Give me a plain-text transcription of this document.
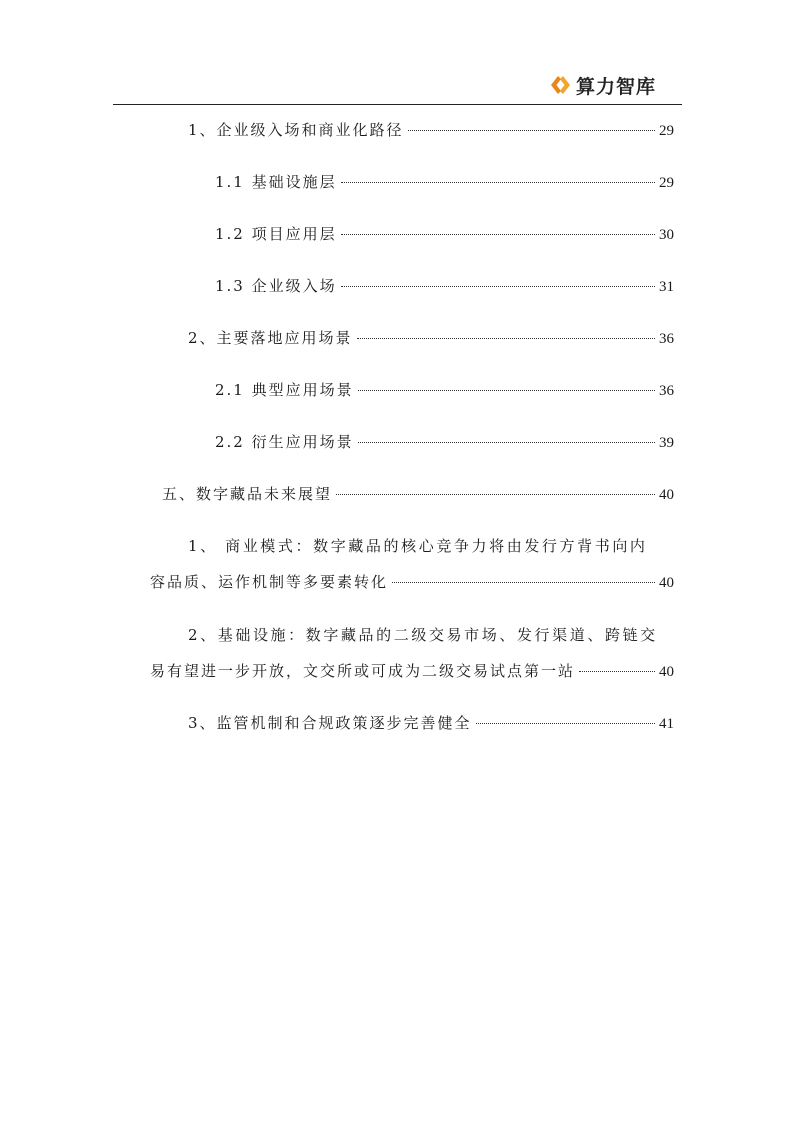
算力智库
1、企业级入场和商业化路径	29
1.1 基础设施层	29
1.2 项目应用层	30
1.3 企业级入场	31
2、主要落地应用场景	36
2.1 典型应用场景	36
2.2 衍生应用场景	39
五、数字藏品未来展望	40
1、 商业模式：数字藏品的核心竞争力将由发行方背书向内
容品质、运作机制等多要素转化	40
2、基础设施：数字藏品的二级交易市场、发行渠道、跨链交
易有望进一步开放，文交所或可成为二级交易试点第一站	40
3、监管机制和合规政策逐步完善健全	41
